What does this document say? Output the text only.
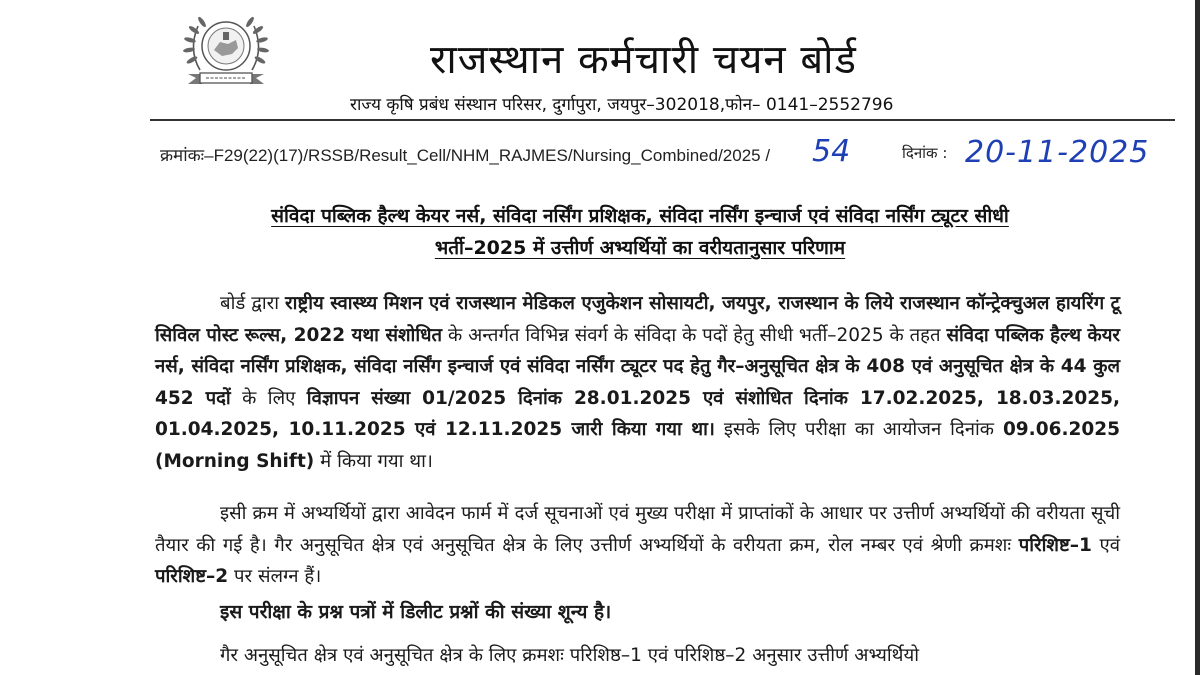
राजस्थान कर्मचारी चयन बोर्ड
राज्य कृषि प्रबंध संस्थान परिसर, दुर्गापुरा, जयपुर–302018,फोन– 0141–2552796
क्रमांकः–F29(22)(17)/RSSB/Result_Cell/NHM_RAJMES/Nursing_Combined/2025 / 54	दिनांक : 20-11-2025
संविदा पब्लिक हैल्थ केयर नर्स, संविदा नर्सिंग प्रशिक्षक, संविदा नर्सिंग इन्चार्ज एवं संविदा नर्सिंग ट्यूटर सीधी
भर्ती–2025 में उत्तीर्ण अभ्यर्थियों का वरीयतानुसार परिणाम
बोर्ड द्वारा राष्ट्रीय स्वास्थ्य मिशन एवं राजस्थान मेडिकल एजुकेशन सोसायटी, जयपुर, राजस्थान के लिये राजस्थान कॉन्ट्रेक्चुअल हायरिंग टू सिविल पोस्ट रूल्स, 2022 यथा संशोधित के अन्तर्गत विभिन्न संवर्ग के संविदा के पदों हेतु सीधी भर्ती–2025 के तहत संविदा पब्लिक हैल्थ केयर नर्स, संविदा नर्सिंग प्रशिक्षक, संविदा नर्सिंग इन्चार्ज एवं संविदा नर्सिंग ट्यूटर पद हेतु गैर–अनुसूचित क्षेत्र के 408 एवं अनुसूचित क्षेत्र के 44 कुल 452 पदों के लिए विज्ञापन संख्या 01/2025 दिनांक 28.01.2025 एवं संशोधित दिनांक 17.02.2025, 18.03.2025, 01.04.2025, 10.11.2025 एवं 12.11.2025 जारी किया गया था। इसके लिए परीक्षा का आयोजन दिनांक 09.06.2025 (Morning Shift) में किया गया था।
इसी क्रम में अभ्यर्थियों द्वारा आवेदन फार्म में दर्ज सूचनाओं एवं मुख्य परीक्षा में प्राप्तांकों के आधार पर उत्तीर्ण अभ्यर्थियों की वरीयता सूची तैयार की गई है। गैर अनुसूचित क्षेत्र एवं अनुसूचित क्षेत्र के लिए उत्तीर्ण अभ्यर्थियों के वरीयता क्रम, रोल नम्बर एवं श्रेणी क्रमशः परिशिष्ट–1 एवं परिशिष्ट–2 पर संलग्न हैं।
इस परीक्षा के प्रश्न पत्रों में डिलीट प्रश्नों की संख्या शून्य है।
गैर अनुसूचित क्षेत्र एवं अनुसूचित क्षेत्र के लिए क्रमशः परिशिष्ठ–1 एवं परिशिष्ठ–2 अनुसार उत्तीर्ण अभ्यर्थियो
